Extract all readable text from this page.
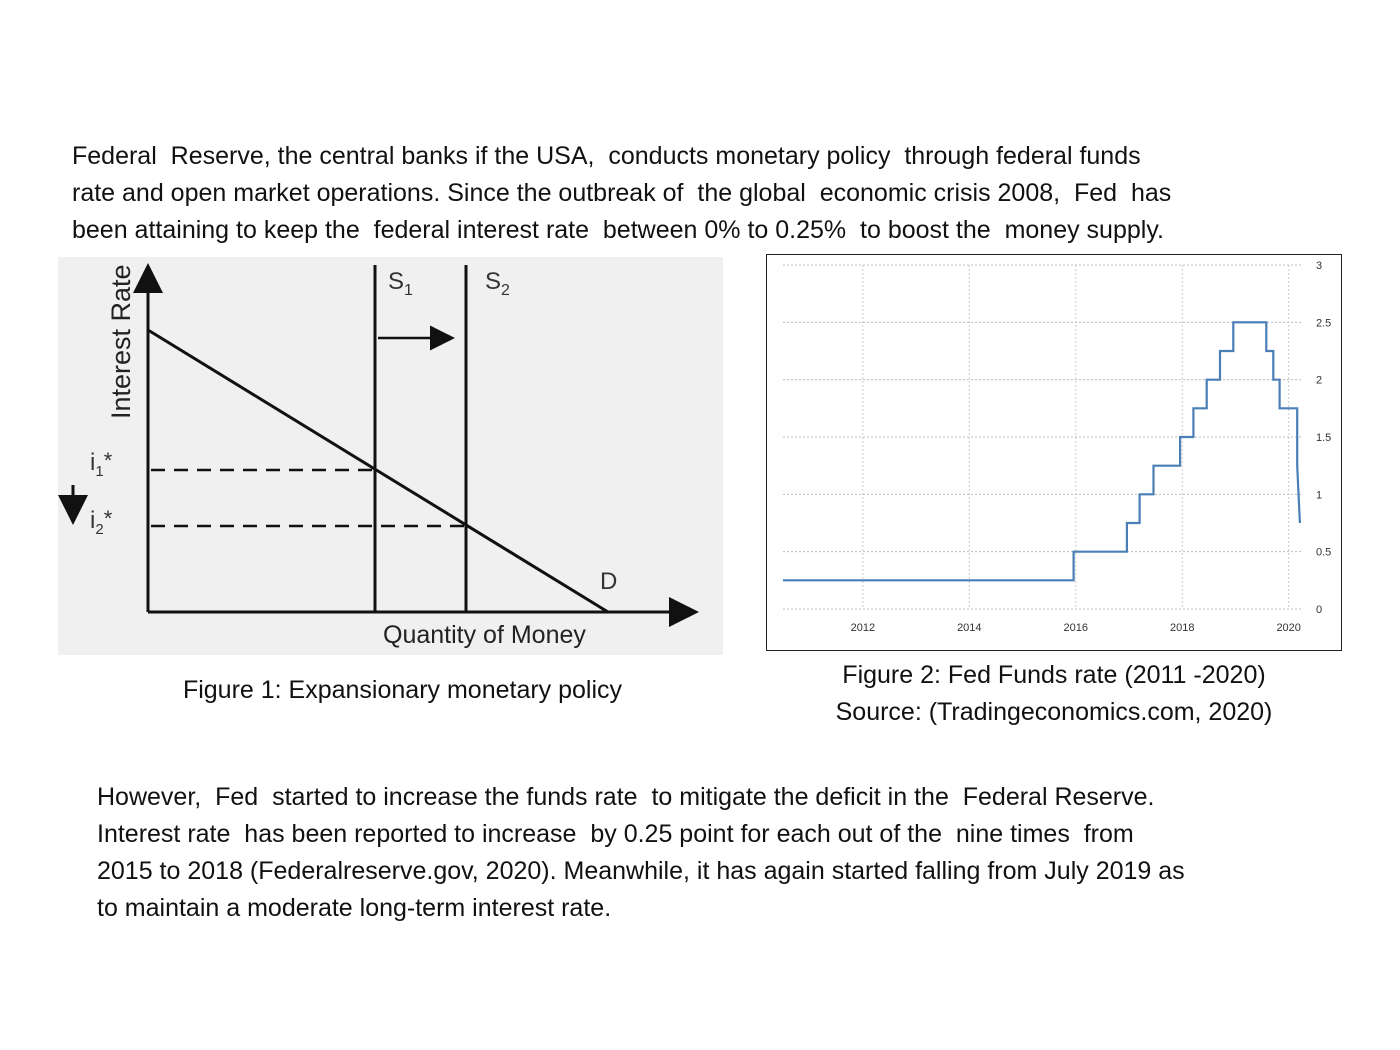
Federal  Reserve, the central banks if the USA,  conducts monetary policy  through federal funds
rate and open market operations. Since the outbreak of  the global  economic crisis 2008,  Fed  has
been attaining to keep the  federal interest rate  between 0% to 0.25%  to boost the  money supply.

Interest Rate
Quantity of Money
$S_1$	$S_2$
$i_1*$
$i_2*$
D
0
0.5
1
1.5
2
2.5
3
2012	2014	2016	2018	2020
Figure 1: Expansionary monetary policy
Figure 2: Fed Funds rate (2011 -2020)
Source: (Tradingeconomics.com, 2020)

However,  Fed  started to increase the funds rate  to mitigate the deficit in the  Federal Reserve.
Interest rate  has been reported to increase  by 0.25 point for each out of the  nine times  from
2015 to 2018 (Federalreserve.gov, 2020). Meanwhile, it has again started falling from July 2019 as
to maintain a moderate long-term interest rate.
